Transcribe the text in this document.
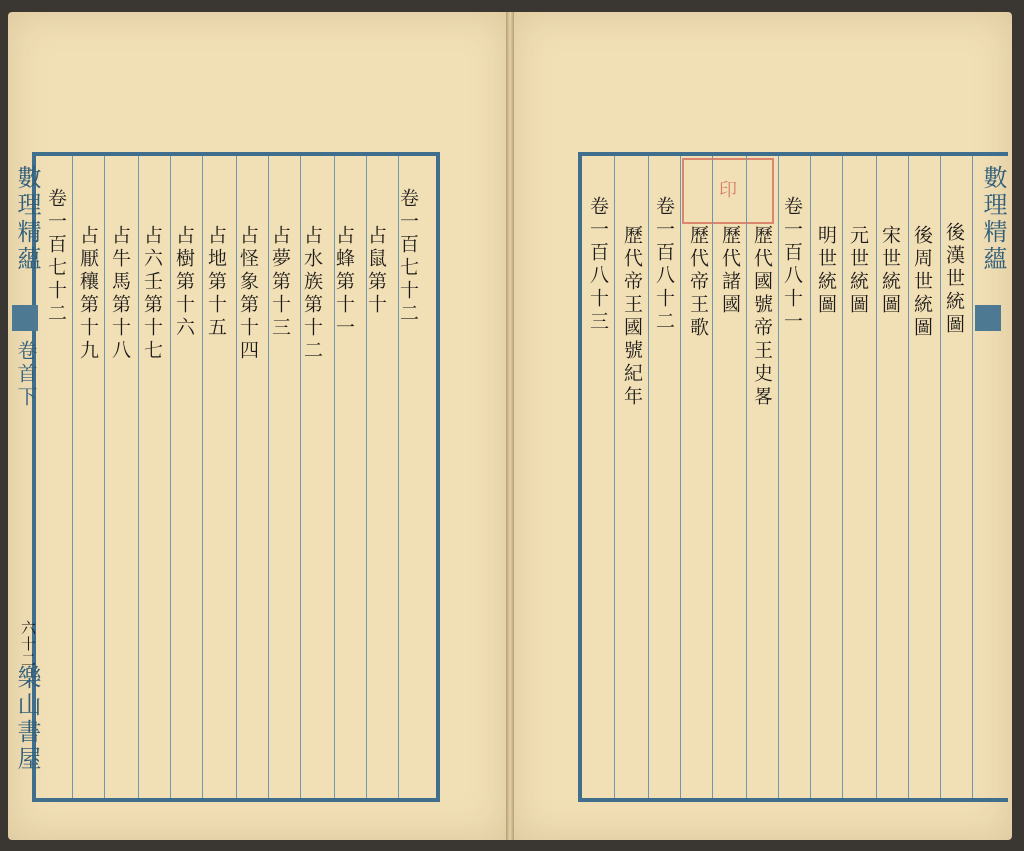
數理精蘊
卷首下
六十二
樂山書屋
卷一百七十二
占鼠第十
占蜂第十一
占水族第十二
占夢第十三
占怪象第十四
占地第十五
占樹第十六
占六壬第十七
占牛馬第十八
占厭穰第十九
卷一百七十二	數理精蘊
印
後漢世統圖
後周世統圖
宋世統圖
元世統圖
明世統圖
卷一百八十一
歷代國號帝王史畧
歷代諸國
歷代帝王歌
卷一百八十二
歷代帝王國號紀年
卷一百八十三
